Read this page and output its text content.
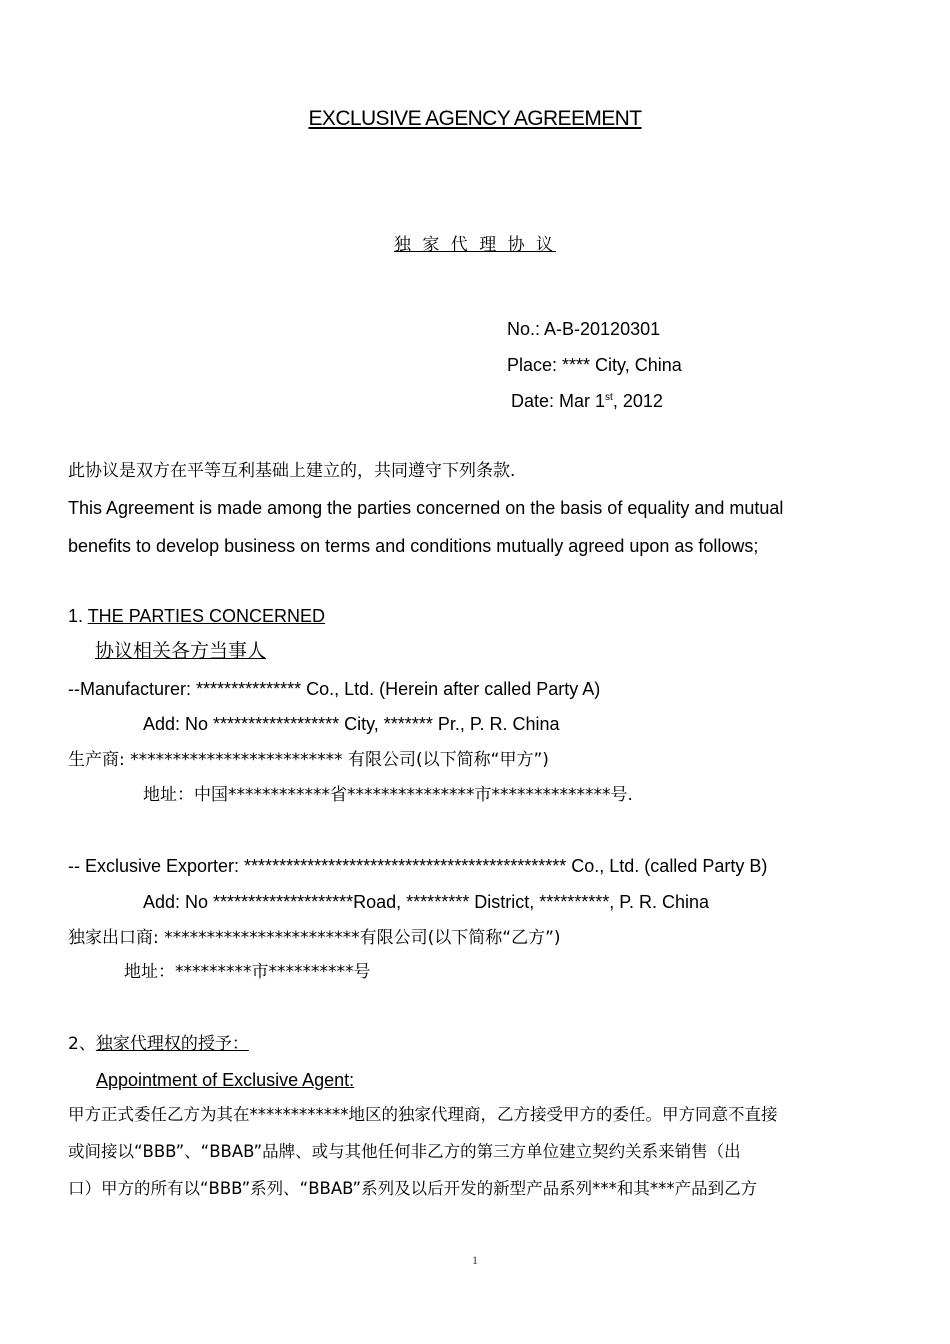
EXCLUSIVE AGENCY AGREEMENT
独 家 代 理 协 议
No.: A-B-20120301
Place: **** City, China
Date: Mar 1st, 2012
此协议是双方在平等互利基础上建立的，共同遵守下列条款.
This Agreement is made among the parties concerned on the basis of equality and mutual
benefits to develop business on terms and conditions mutually agreed upon as follows;
1. THE PARTIES CONCERNED
协议相关各方当事人
--Manufacturer: *************** Co., Ltd. (Herein after called Party A)
Add: No ****************** City, ******* Pr., P. R. China
生产商: ************************* 有限公司(以下简称“甲方”)
地址：中国************省***************市**************号.
-- Exclusive Exporter: ********************************************** Co., Ltd. (called Party B)
Add: No ********************Road, ********* District, **********, P. R. China
独家出口商: ***********************有限公司(以下简称“乙方”)
地址：*********市**********号
2、独家代理权的授予：
Appointment of Exclusive Agent:
甲方正式委任乙方为其在************地区的独家代理商，乙方接受甲方的委任。甲方同意不直接
或间接以“BBB”、“BBAB”品牌、或与其他任何非乙方的第三方单位建立契约关系来销售（出
口）甲方的所有以“BBB”系列、“BBAB”系列及以后开发的新型产品系列***和其***产品到乙方
1
